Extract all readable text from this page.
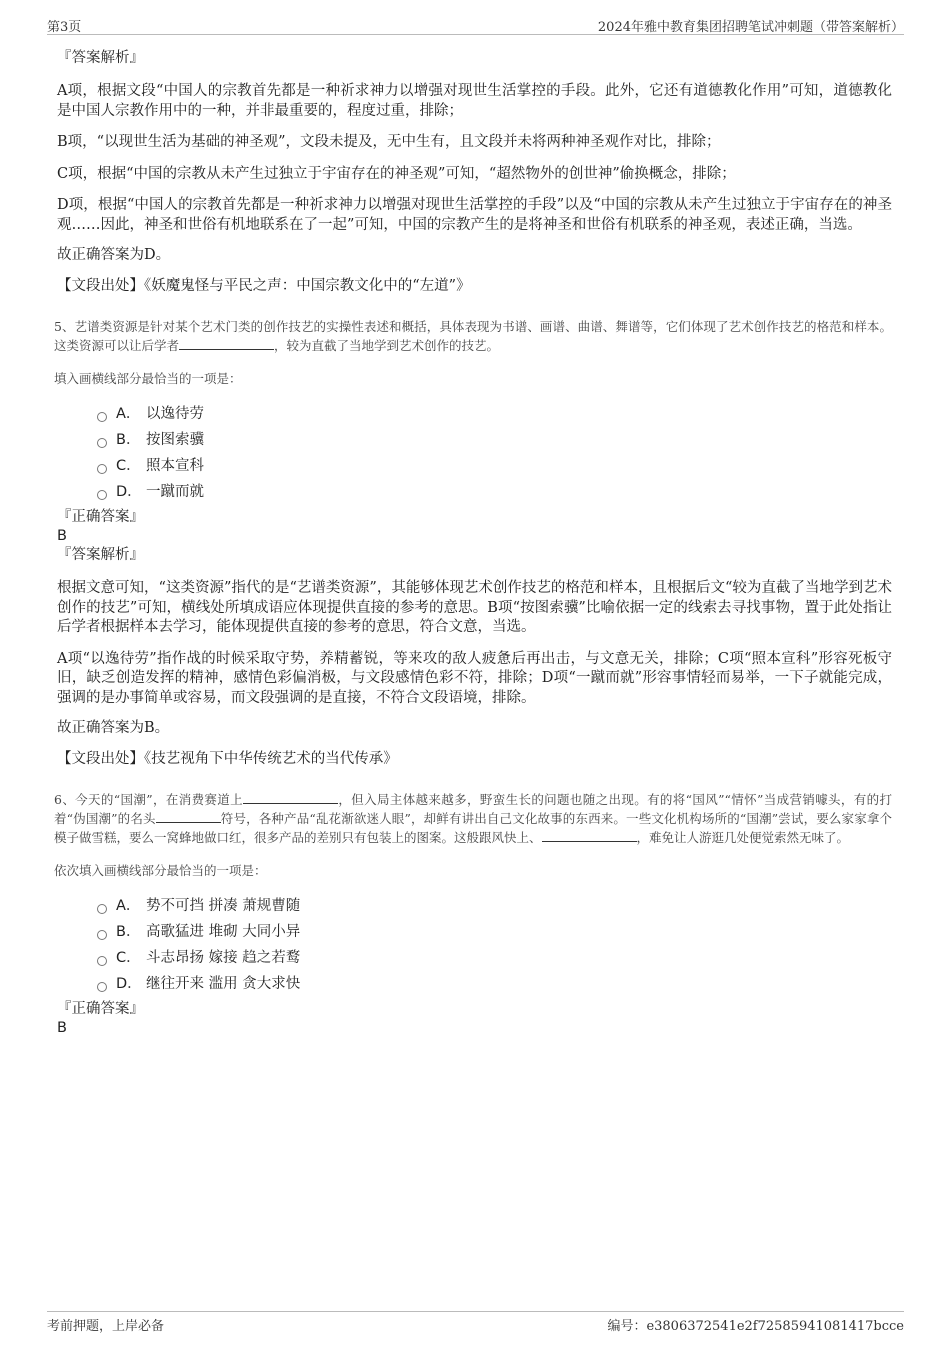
第3页	2024年雅中教育集团招聘笔试冲刺题（带答案解析）

『答案解析』

A项，根据文段“中国人的宗教首先都是一种祈求神力以增强对现世生活掌控的手段。此外，它还有道德教化作用”可知，道德教化是中国人宗教作用中的一种，并非最重要的，程度过重，排除；

B项，“以现世生活为基础的神圣观”，文段未提及，无中生有，且文段并未将两种神圣观作对比，排除；

C项，根据“中国的宗教从未产生过独立于宇宙存在的神圣观”可知，“超然物外的创世神”偷换概念，排除；

D项，根据“中国人的宗教首先都是一种祈求神力以增强对现世生活掌控的手段”以及“中国的宗教从未产生过独立于宇宙存在的神圣观……因此，神圣和世俗有机地联系在了一起”可知，中国的宗教产生的是将神圣和世俗有机联系的神圣观，表述正确，当选。

故正确答案为D。

【文段出处】《妖魔鬼怪与平民之声：中国宗教文化中的“左道”》

5、艺谱类资源是针对某个艺术门类的创作技艺的实操性表述和概括，具体表现为书谱、画谱、曲谱、舞谱等，它们体现了艺术创作技艺的格范和样本。这类资源可以让后学者	，较为直截了当地学到艺术创作的技艺。

填入画横线部分最恰当的一项是：

A． 以逸待劳
B． 按图索骥
C． 照本宣科
D． 一蹴而就

『正确答案』

B

『答案解析』

根据文意可知，“这类资源”指代的是“艺谱类资源”，其能够体现艺术创作技艺的格范和样本，且根据后文“较为直截了当地学到艺术创作的技艺”可知，横线处所填成语应体现提供直接的参考的意思。B项“按图索骥”比喻依据一定的线索去寻找事物，置于此处指让后学者根据样本去学习，能体现提供直接的参考的意思，符合文意，当选。

A项“以逸待劳”指作战的时候采取守势，养精蓄锐，等来攻的敌人疲惫后再出击，与文意无关，排除；C项“照本宣科”形容死板守旧，缺乏创造发挥的精神，感情色彩偏消极，与文段感情色彩不符，排除；D项“一蹴而就”形容事情轻而易举，一下子就能完成，强调的是办事简单或容易，而文段强调的是直接，不符合文段语境，排除。

故正确答案为B。

【文段出处】《技艺视角下中华传统艺术的当代传承》

6、今天的“国潮”，在消费赛道上	，但入局主体越来越多，野蛮生长的问题也随之出现。有的将“国风”“情怀”当成营销噱头，有的打着“伪国潮”的名头	符号，各种产品“乱花渐欲迷人眼”，却鲜有讲出自己文化故事的东西来。一些文化机构场所的“国潮”尝试，要么家家拿个模子做雪糕，要么一窝蜂地做口红，很多产品的差别只有包装上的图案。这般跟风快上、	，难免让人游逛几处便觉索然无味了。

依次填入画横线部分最恰当的一项是：

A． 势不可挡 拼凑 萧规曹随
B． 高歌猛进 堆砌 大同小异
C． 斗志昂扬 嫁接 趋之若鹜
D． 继往开来 滥用 贪大求快

『正确答案』

B

考前押题，上岸必备	编号：e3806372541e2f72585941081417bcce
